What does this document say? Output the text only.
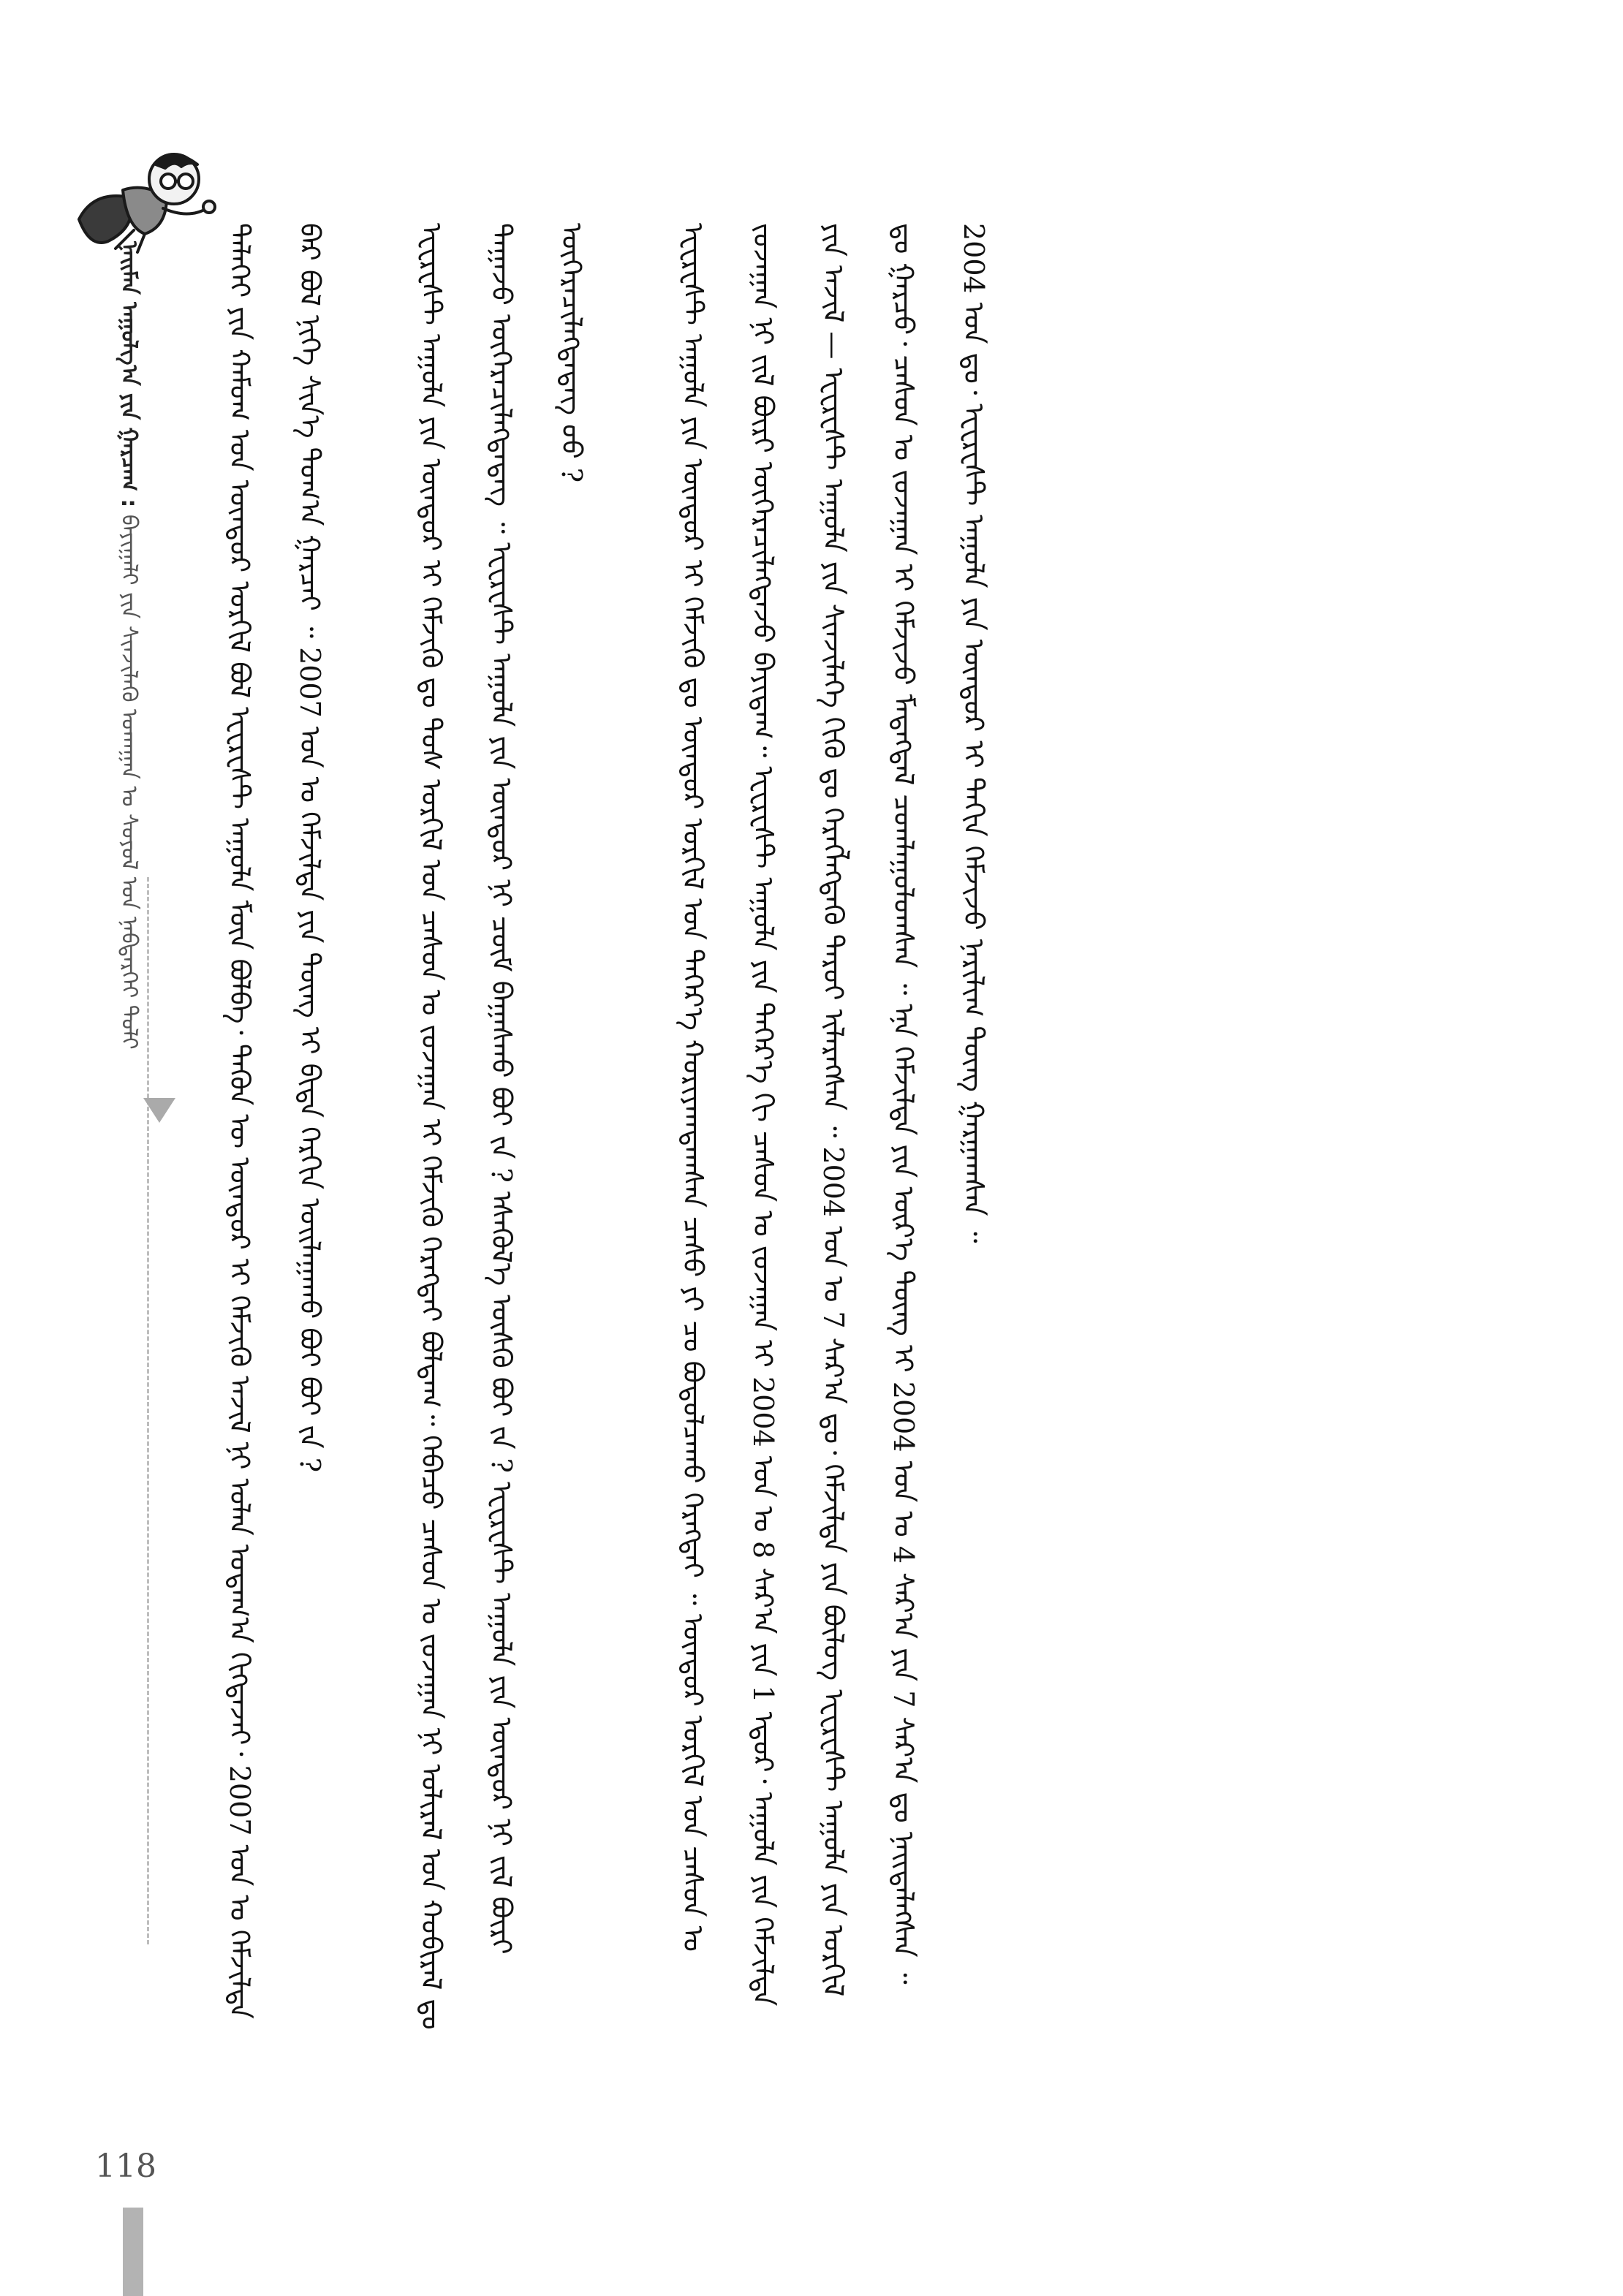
ᠨᠠᠢᠮᠠᠨ ᠠᠭᠤᠯᠭ᠎ᠠ ᠶᠢᠨ ᠭᠠᠷᠴᠠᠭ : ᠪᠠᠶᠢᠭᠠᠯᠢ ᠶᠢᠨ ᠰᠢᠨᠵᠢᠯᠡᠬᠦ ᠤᠬᠠᠭᠠᠨ ᠤ ᠰᠣᠶᠤᠯ ᠤᠨ ᠨᠡᠪᠲᠡᠷᠬᠡᠢ ᠲᠣᠯᠢ	ᠳᠡᠯᠡᠬᠡᠢ ᠶᠢᠨ ᠬᠠᠮᠤᠭ ᠤᠨ ᠥᠨᠳᠥᠷ ᠣᠷᠭᠢᠯ ᠪᠣᠯ ᠡᠸᠧᠷᠧᠰᠲ ᠠᠭᠤᠯᠠ ᠮᠥᠨ ᠪᠣᠯᠪᠠ᠂ ᠲᠡᠭᠦᠨ ᠦ ᠥᠨᠳᠥᠷ ᠢ ᠬᠡᠮᠵᠢᠬᠦ ᠠᠵᠢᠯ ᠨᠢ ᠣᠯᠠᠨ ᠤᠳᠠᠭ᠎ᠠ ᠬᠢᠭᠳᠡᠵᠡᠢ᠂ 2007 ᠣᠨ ᠤ ᠬᠡᠮᠵᠢᠯᠲᠡ ᠪᠡᠷ ᠪᠣᠯ ᠨᠢᠭᠡ ᠰᠢᠨ᠎ᠡ ᠲᠣᠭ᠎ᠠ ᠭᠠᠷᠴᠠᠢ ᠃ 2007 ᠣᠨ ᠤ ᠬᠡᠮᠵᠢᠯᠲᠡ ᠶᠢᠨ ᠳᠦᠩ ᠢ ᠪᠢᠳᠡ ᠬᠡᠷᠬᠢᠨ ᠣᠢᠯᠠᠭᠠᠬᠤ ᠪᠤᠢ ᠪᠤᠢ ᠵᠠ ?	ᠡᠸᠧᠷᠧᠰᠲ ᠠᠭᠤᠯᠠ ᠶᠢᠨ ᠥᠨᠳᠥᠷ ᠢ ᠬᠡᠮᠵᠢᠬᠦ ᠳᠤ ᠲᠤᠰ ᠣᠷᠭᠢᠯ ᠤᠨ ᠴᠠᠰᠤᠨ ᠤ ᠵᠤᠵᠠᠭᠠᠨ ᠢ ᠬᠡᠮᠵᠢᠬᠦ ᠬᠡᠷᠡᠭᠲᠡᠢ ᠪᠣᠯᠳᠠᠭ᠃ ᠭᠡᠪᠡᠴᠦ ᠴᠠᠰᠤᠨ ᠤ ᠵᠤᠵᠠᠭᠠᠨ ᠨᠢ ᠤᠯᠢᠷᠠᠯ ᠤᠨ ᠬᠤᠪᠢᠷᠠᠯ ᠳᠤ ᠳᠠᠭᠠᠵᠤ ᠥᠭᠡᠷᠡᠴᠢᠯᠡᠭᠳᠡᠳᠡᠭ ᠃ ᠡᠸᠧᠷᠧᠰᠲ ᠠᠭᠤᠯᠠ ᠶᠢᠨ ᠥᠨᠳᠥᠷ ᠨᠢ ᠴᠥᠮ ᠪᠠᠭᠠᠰᠬᠤ ᠪᠤᠢ ᠵᠠ ? ᠡᠰᠡᠬᠦᠯ᠎ᠡ ᠥᠰᠬᠦ ᠪᠤᠢ ᠵᠠ ? ᠡᠸᠧᠷᠧᠰᠲ ᠠᠭᠤᠯᠠ ᠶᠢᠨ ᠥᠨᠳᠥᠷ ᠨᠢ ᠵᠢᠯ ᠪᠦᠷᠢ ᠥᠭᠡᠷᠡᠴᠢᠯᠡᠭᠳᠡᠳᠡᠭ ᠦᠦ ?	ᠡᠸᠧᠷᠧᠰᠲ ᠠᠭᠤᠯᠠ ᠶᠢᠨ ᠥᠨᠳᠥᠷ ᠢ ᠬᠡᠮᠵᠢᠬᠦ ᠳᠤ ᠥᠨᠳᠥᠷ ᠣᠷᠭᠢᠯ ᠤᠨ ᠳᠡᠭᠡᠷ᠎ᠡ ᠬᠤᠷᠢᠶᠠᠭᠳᠠᠭᠰᠠᠨ ᠴᠠᠰᠤ ᠶᠢ ᠴᠤ ᠪᠣᠳᠤᠯᠴᠠᠬᠤ ᠬᠡᠷᠡᠭᠲᠡᠢ ᠃ ᠥᠨᠳᠥᠷ ᠣᠷᠭᠢᠯ ᠤᠨ ᠴᠠᠰᠤᠨ ᠤ ᠵᠤᠵᠠᠭᠠᠨ ᠨᠢ ᠵᠢᠯ ᠪᠦᠷᠢ ᠥᠭᠡᠷᠡᠴᠢᠯᠡᠭᠳᠡᠵᠦ ᠪᠠᠶᠢᠳᠠᠭ᠃ ᠡᠸᠧᠷᠧᠰᠲ ᠠᠭᠤᠯᠠ ᠶᠢᠨ ᠳᠡᠭᠡᠷ᠎ᠡ ᠬᠢ ᠴᠠᠰᠤᠨ ᠤ ᠵᠤᠵᠠᠭᠠᠨ ᠢ 2004 ᠣᠨ ᠤ 8 ᠰᠠᠷ᠎ᠠ ᠶᠢᠨ 1 ᠡᠳᠦᠷ᠂ ᠠᠭᠤᠯᠠ ᠶᠢᠨ ᠬᠡᠮᠵᠢᠯᠲᠡ ᠶᠢᠨ ᠠᠵᠢᠯ — ᠡᠸᠧᠷᠧᠰᠲ ᠠᠭᠤᠯᠠ ᠶᠢᠨ ᠰᠢᠨᠵᠢᠯᠡᠭᠡ ᠬᠢᠬᠦ ᠳᠤ ᠬᠡᠷᠡᠭᠯᠡᠭᠳᠡᠬᠦ ᠳᠠᠷᠤᠢ ᠢᠯᠡᠷᠡᠭᠰᠡᠨ ᠃ 2004 ᠣᠨ ᠤ 7 ᠰᠠᠷ᠎ᠠ ᠳᠤ᠂ ᠬᠡᠮᠵᠢᠯᠲᠡ ᠶᠢᠨ ᠪᠦᠯᠦᠭ ᠡᠸᠧᠷᠧᠰᠲ ᠠᠭᠤᠯᠠ ᠶᠢᠨ ᠣᠷᠭᠢᠯ ᠳᠤ ᠭᠠᠷᠴᠤ᠂ ᠴᠠᠰᠤᠨ ᠤ ᠵᠤᠵᠠᠭᠠᠨ ᠢ ᠬᠡᠮᠵᠢᠵᠦ ᠮᠡᠳᠡᠭᠳᠡᠯ ᠴᠤᠭᠯᠠᠭᠤᠯᠤᠭᠰᠠᠨ ᠃ ᠡᠨᠡ ᠬᠡᠮᠵᠢᠯᠲᠡ ᠶᠢᠨ ᠦᠷ᠎ᠡ ᠳᠦᠩ ᠢ 2004 ᠣᠨ ᠤ 4 ᠰᠠᠷ᠎ᠠ ᠶᠢᠨ 7 ᠰᠠᠷ᠎ᠠ ᠳᠤ ᠨᠡᠢᠲᠡᠯᠡᠭᠰᠡᠨ ᠃ 2004 ᠣᠨ ᠳᠤ᠂ ᠡᠸᠧᠷᠧᠰᠲ ᠠᠭᠤᠯᠠ ᠶᠢᠨ ᠥᠨᠳᠥᠷ ᠢ ᠳᠠᠬᠢᠨ ᠬᠡᠮᠵᠢᠵᠦ ᠨᠠᠷᠢᠯᠢᠭ ᠳᠦᠩ ᠭᠠᠷᠭᠠᠭᠰᠠᠨ ᠃

118
